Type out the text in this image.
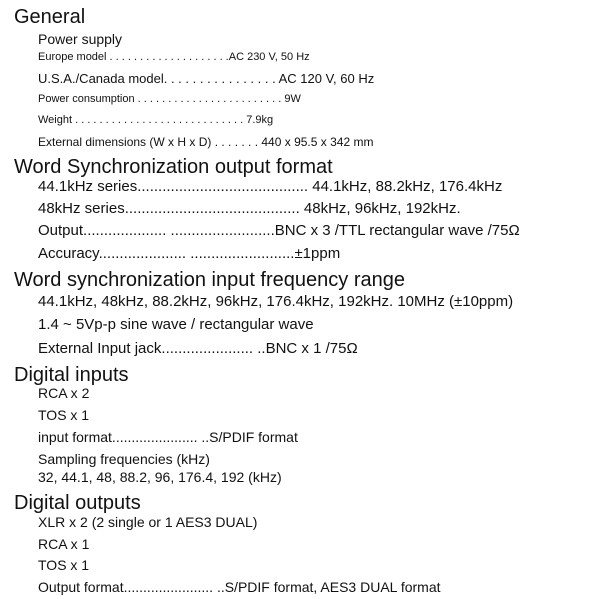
General
Power supply
Europe model . . . . . . . . . . . . . . . . . . . .AC 230 V, 50 Hz
U.S.A./Canada model. . . . . . . . . . . . . . . . AC 120 V, 60 Hz
Power consumption . . . . . . . . . . . . . . . . . . . . . . . . 9W
Weight . . . . . . . . . . . . . . . . . . . . . . . . . . . . 7.9kg
External dimensions (W x H x D) . . . . . . . 440 x 95.5 x 342 mm
Word Synchronization output format
44.1kHz series......................................... 44.1kHz, 88.2kHz, 176.4kHz
48kHz series.......................................... 48kHz, 96kHz, 192kHz.
Output.................... .........................BNC x 3 /TTL rectangular wave /75Ω
Accuracy..................... .........................±1ppm
Word synchronization input frequency range
44.1kHz, 48kHz, 88.2kHz, 96kHz, 176.4kHz, 192kHz. 10MHz (±10ppm)
1.4 ~ 5Vp-p sine wave / rectangular wave
External Input jack...................... ..BNC x 1 /75Ω
Digital inputs
RCA x 2
TOS x 1
input format...................... ..S/PDIF format
Sampling frequencies (kHz)
32, 44.1, 48, 88.2, 96, 176.4, 192 (kHz)
Digital outputs
XLR x 2 (2 single or 1 AES3 DUAL)
RCA x 1
TOS x 1
Output format....................... ..S/PDIF format, AES3 DUAL format
